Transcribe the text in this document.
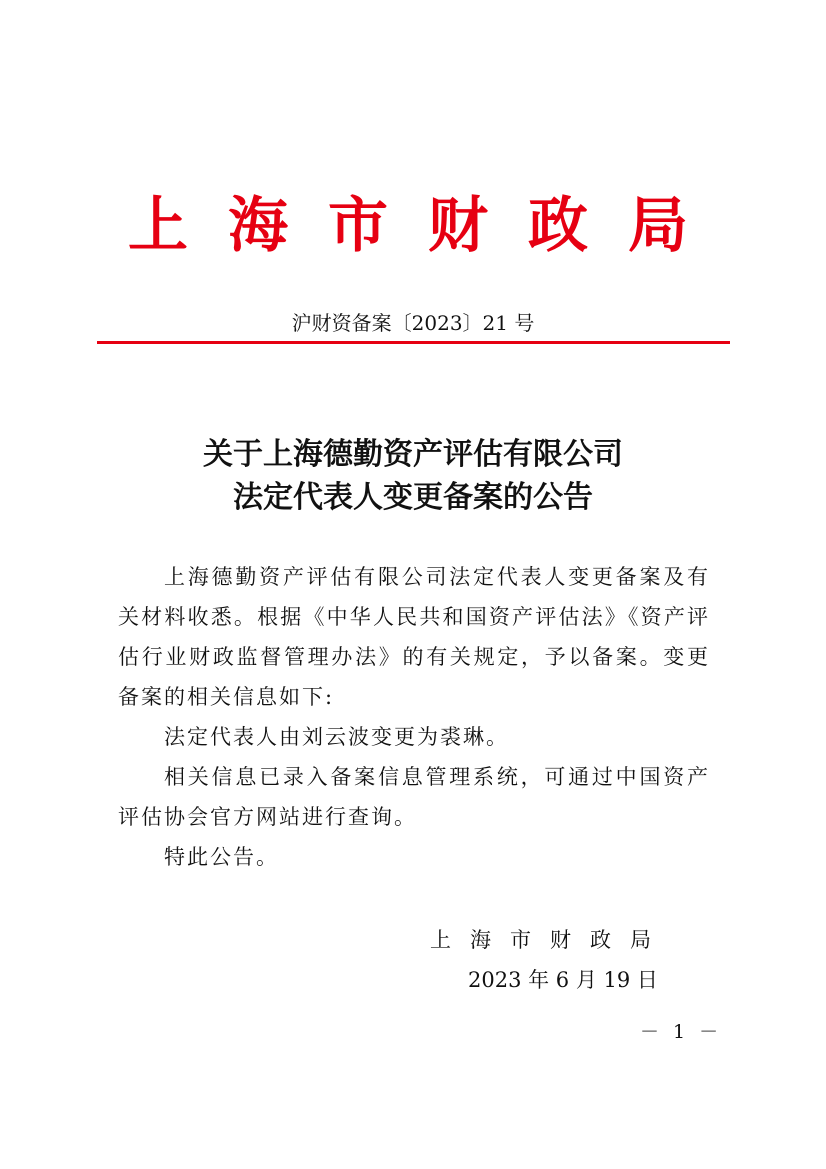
上海市财政局
沪财资备案〔2023〕21 号
关于上海德勤资产评估有限公司
法定代表人变更备案的公告

上海德勤资产评估有限公司法定代表人变更备案及有关材料收悉。根据《中华人民共和国资产评估法》《资产评估行业财政监督管理办法》的有关规定，予以备案。变更备案的相关信息如下:

法定代表人由刘云波变更为裘琳。

相关信息已录入备案信息管理系统，可通过中国资产评估协会官方网站进行查询。

特此公告。

上海市财政局
2023 年 6 月 19 日
－ 1 －
